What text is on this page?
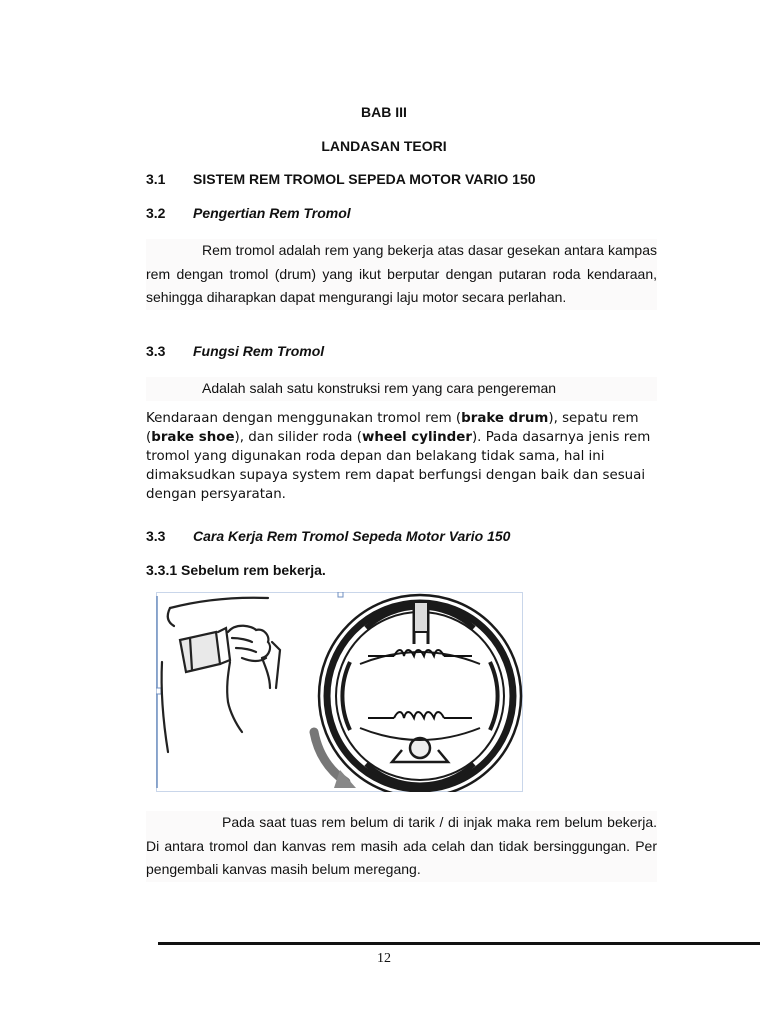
BAB III
LANDASAN TEORI
3.1 SISTEM REM TROMOL SEPEDA MOTOR VARIO 150
3.2 Pengertian Rem Tromol
Rem tromol adalah rem yang bekerja atas dasar gesekan antara kampas rem dengan tromol (drum) yang ikut berputar dengan putaran roda kendaraan, sehingga diharapkan dapat mengurangi laju motor secara perlahan.
3.3 Fungsi Rem Tromol
Adalah salah satu konstruksi rem yang cara pengereman
Kendaraan dengan menggunakan tromol rem (brake drum), sepatu rem (brake shoe), dan silider roda (wheel cylinder). Pada dasarnya jenis rem tromol yang digunakan roda depan dan belakang tidak sama, hal ini dimaksudkan supaya system rem dapat berfungsi dengan baik dan sesuai dengan persyaratan.
3.3 Cara Kerja Rem Tromol Sepeda Motor Vario 150
3.3.1 Sebelum rem bekerja.
Pada saat tuas rem belum di tarik / di injak maka rem belum bekerja. Di antara tromol dan kanvas rem masih ada celah dan tidak bersinggungan. Per pengembali kanvas masih belum meregang.
12
